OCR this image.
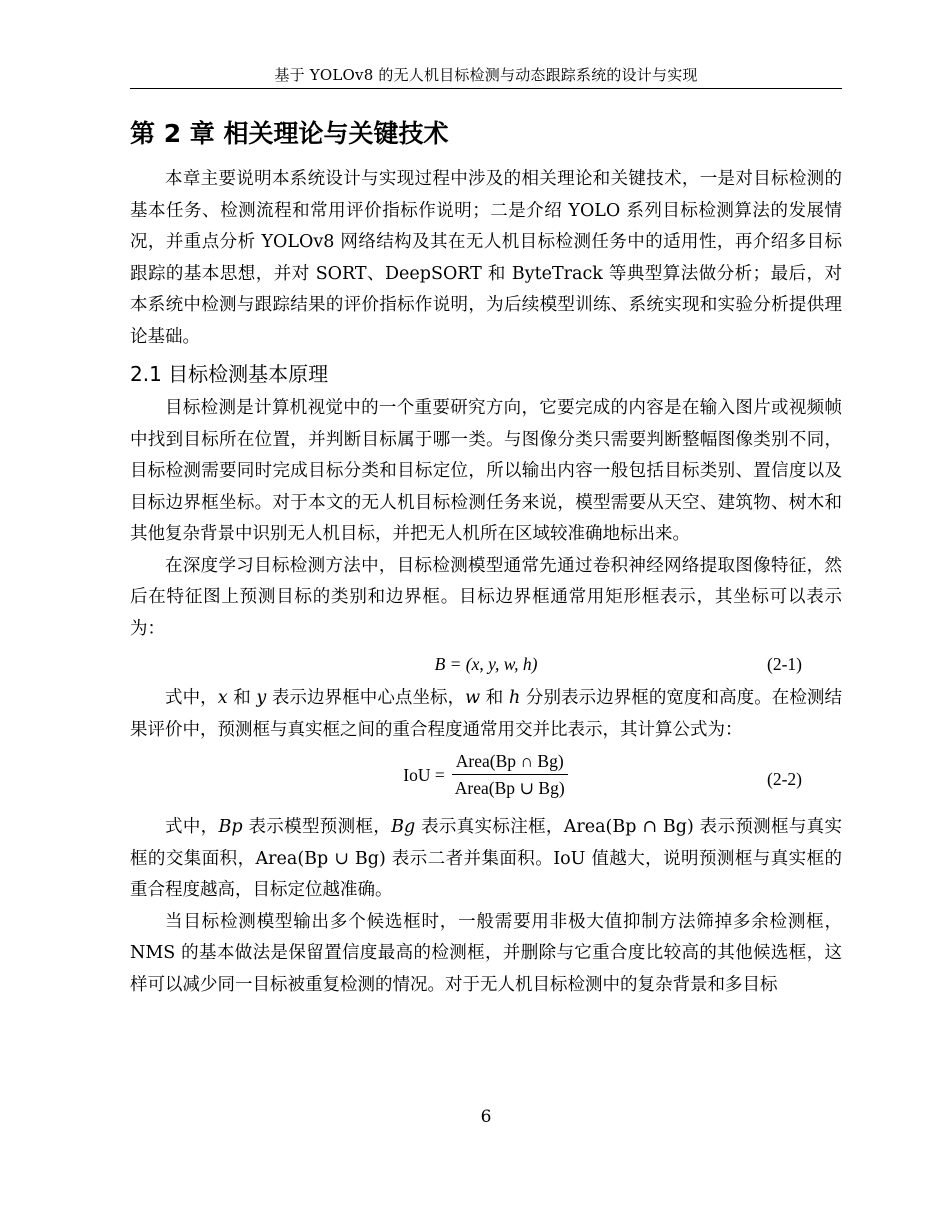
基于 YOLOv8 的无人机目标检测与动态跟踪系统的设计与实现
第 2 章 相关理论与关键技术

本章主要说明本系统设计与实现过程中涉及的相关理论和关键技术，一是对目标检测的基本任务、检测流程和常用评价指标作说明；二是介绍 YOLO 系列目标检测算法的发展情况，并重点分析 YOLOv8 网络结构及其在无人机目标检测任务中的适用性，再介绍多目标跟踪的基本思想，并对 SORT、DeepSORT 和 ByteTrack 等典型算法做分析；最后，对本系统中检测与跟踪结果的评价指标作说明，为后续模型训练、系统实现和实验分析提供理论基础。

2.1 目标检测基本原理

目标检测是计算机视觉中的一个重要研究方向，它要完成的内容是在输入图片或视频帧中找到目标所在位置，并判断目标属于哪一类。与图像分类只需要判断整幅图像类别不同，目标检测需要同时完成目标分类和目标定位，所以输出内容一般包括目标类别、置信度以及目标边界框坐标。对于本文的无人机目标检测任务来说，模型需要从天空、建筑物、树木和其他复杂背景中识别无人机目标，并把无人机所在区域较准确地标出来。

在深度学习目标检测方法中，目标检测模型通常先通过卷积神经网络提取图像特征，然后在特征图上预测目标的类别和边界框。目标边界框通常用矩形框表示，其坐标可以表示为：

B = (x, y, w, h)	(2-1)

式中，x 和 y 表示边界框中心点坐标，w 和 h 分别表示边界框的宽度和高度。在检测结果评价中，预测框与真实框之间的重合程度通常用交并比表示，其计算公式为：

IoU = $\frac{\text{Area(Bp ∩ Bg)}}{\text{Area(Bp ∪ Bg)}}$	(2-2)

式中，Bp 表示模型预测框，Bg 表示真实标注框，Area(Bp ∩ Bg) 表示预测框与真实框的交集面积，Area(Bp ∪ Bg) 表示二者并集面积。IoU 值越大，说明预测框与真实框的重合程度越高，目标定位越准确。

当目标检测模型输出多个候选框时，一般需要用非极大值抑制方法筛掉多余检测框，NMS 的基本做法是保留置信度最高的检测框，并删除与它重合度比较高的其他候选框，这样可以减少同一目标被重复检测的情况。对于无人机目标检测中的复杂背景和多目标

6
